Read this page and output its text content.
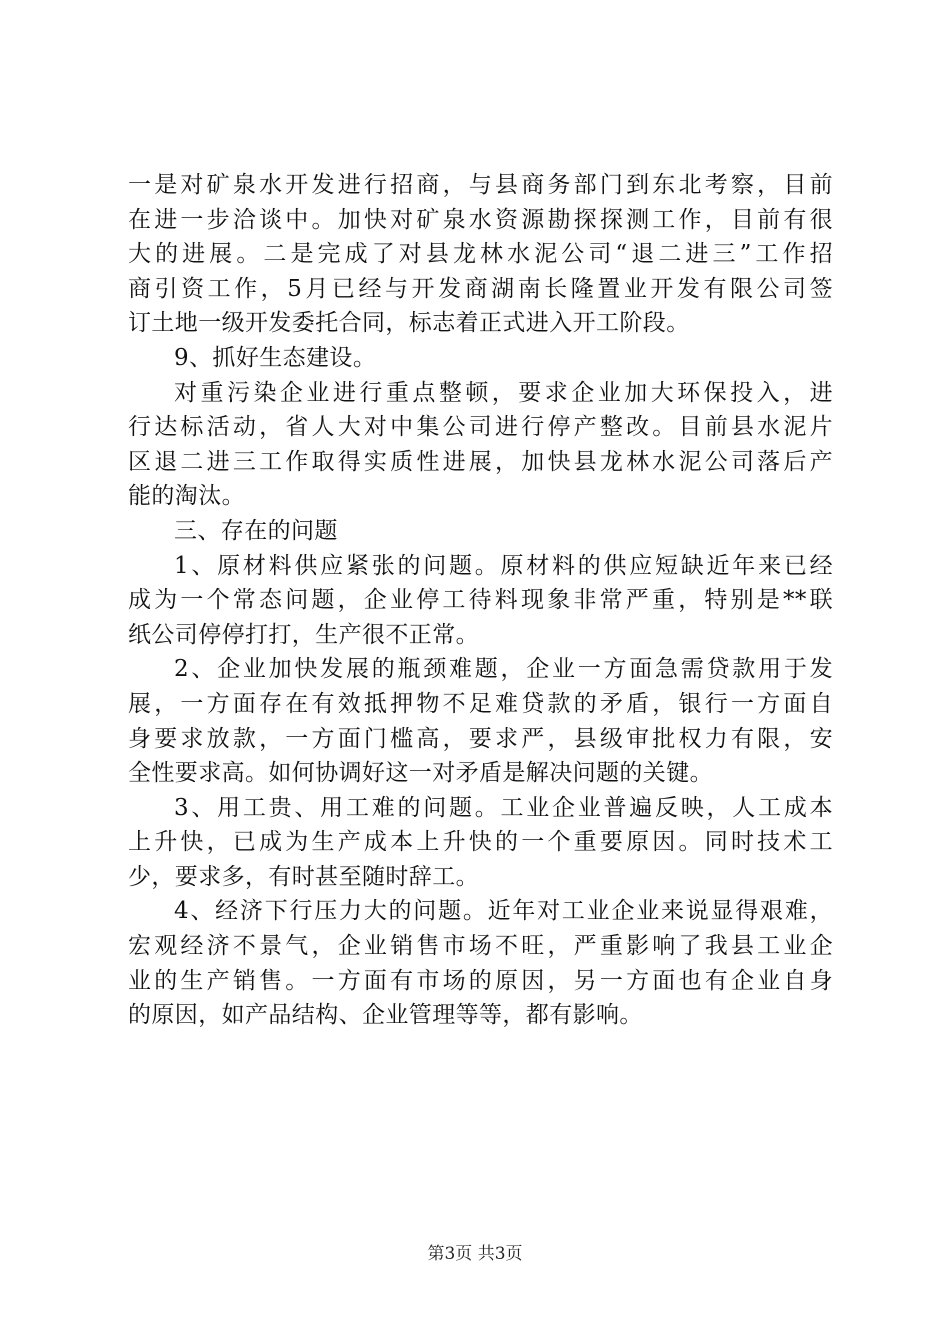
一是对矿泉水开发进行招商，与县商务部门到东北考察，目前
在进一步洽谈中。加快对矿泉水资源勘探探测工作，目前有很
大的进展。二是完成了对县龙林水泥公司“退二进三”工作招
商引资工作，5月已经与开发商湖南长隆置业开发有限公司签
订土地一级开发委托合同，标志着正式进入开工阶段。
9、抓好生态建设。
对重污染企业进行重点整顿，要求企业加大环保投入，进
行达标活动，省人大对中集公司进行停产整改。目前县水泥片
区退二进三工作取得实质性进展，加快县龙林水泥公司落后产
能的淘汰。
三、存在的问题
1、原材料供应紧张的问题。原材料的供应短缺近年来已经
成为一个常态问题，企业停工待料现象非常严重，特别是**联
纸公司停停打打，生产很不正常。
2、企业加快发展的瓶颈难题，企业一方面急需贷款用于发
展，一方面存在有效抵押物不足难贷款的矛盾，银行一方面自
身要求放款，一方面门槛高，要求严，县级审批权力有限，安
全性要求高。如何协调好这一对矛盾是解决问题的关键。
3、用工贵、用工难的问题。工业企业普遍反映，人工成本
上升快，已成为生产成本上升快的一个重要原因。同时技术工
少，要求多，有时甚至随时辞工。
4、经济下行压力大的问题。近年对工业企业来说显得艰难，
宏观经济不景气，企业销售市场不旺，严重影响了我县工业企
业的生产销售。一方面有市场的原因，另一方面也有企业自身
的原因，如产品结构、企业管理等等，都有影响。
第3页 共3页
